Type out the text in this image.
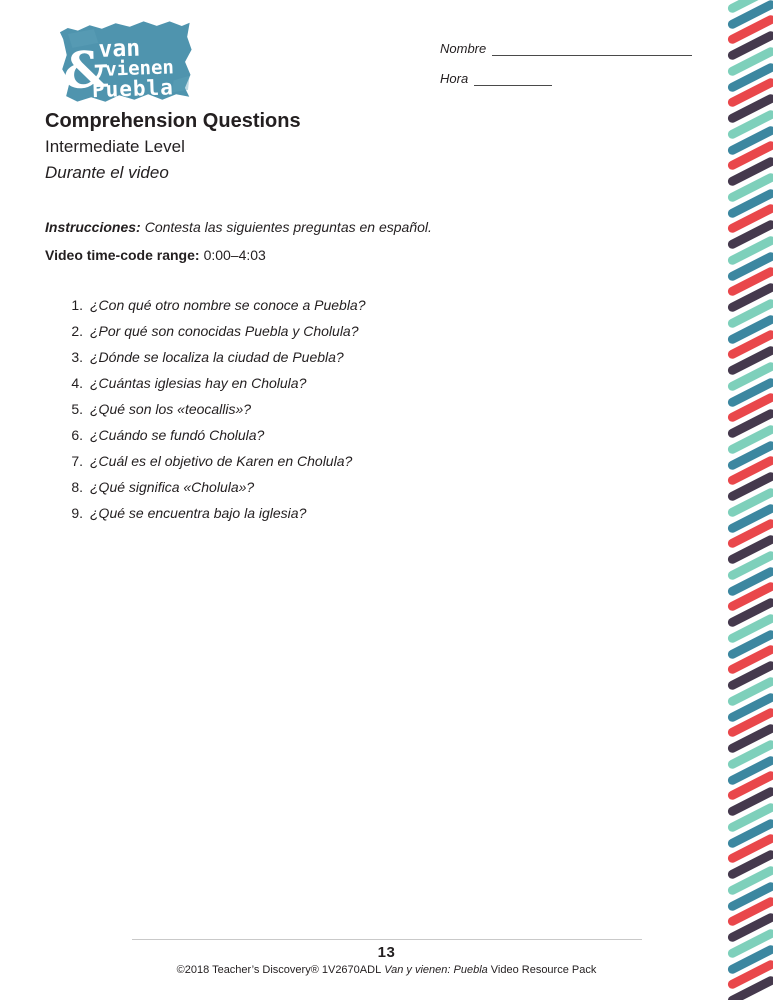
&
van
vienen
Puebla
Nombre
Hora
Comprehension Questions
Intermediate Level
Durante el video
Instrucciones: Contesta las siguientes preguntas en español.
Video time-code range: 0:00–4:03
1. ¿Con qué otro nombre se conoce a Puebla?
2. ¿Por qué son conocidas Puebla y Cholula?
3. ¿Dónde se localiza la ciudad de Puebla?
4. ¿Cuántas iglesias hay en Cholula?
5. ¿Qué son los «teocallis»?
6. ¿Cuándo se fundó Cholula?
7. ¿Cuál es el objetivo de Karen en Cholula?
8. ¿Qué significa «Cholula»?
9. ¿Qué se encuentra bajo la iglesia?
13
©2018 Teacher’s Discovery® 1V2670ADL Van y vienen: Puebla Video Resource Pack
